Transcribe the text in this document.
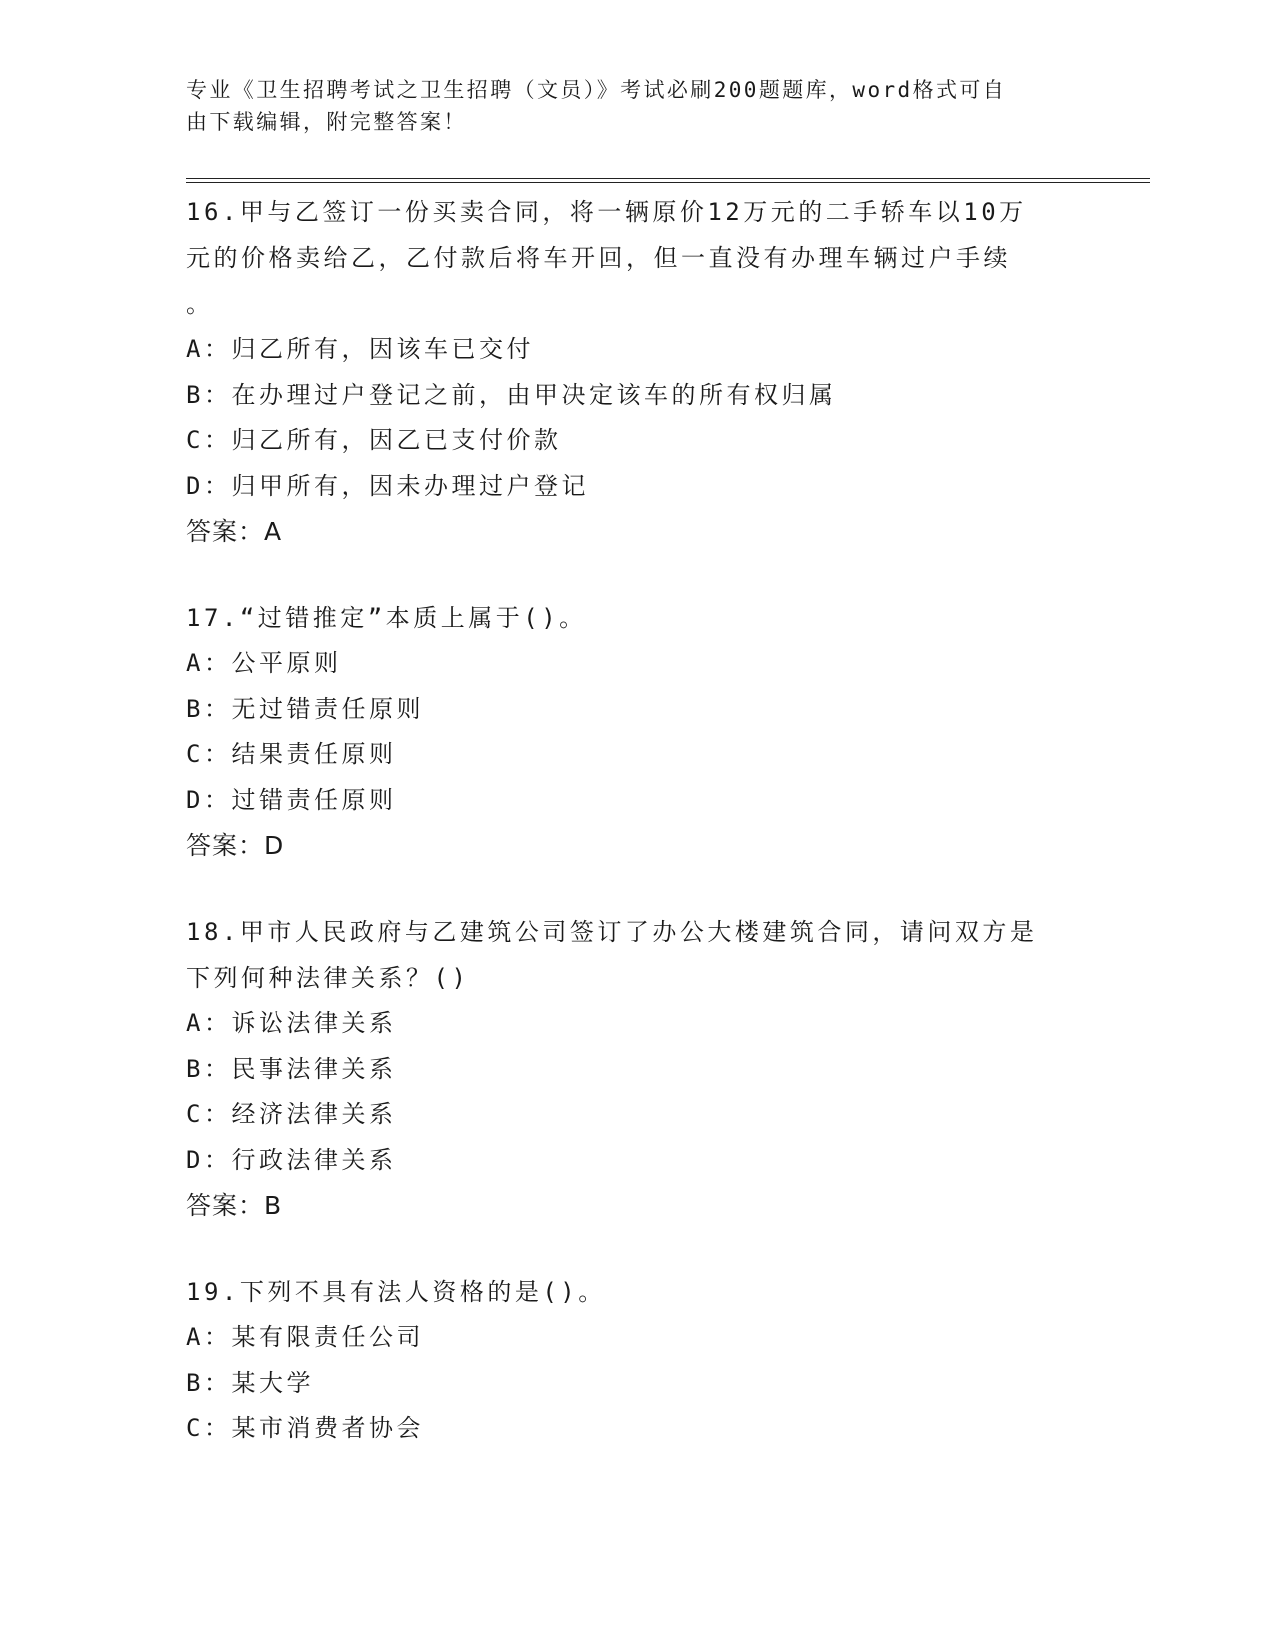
专业《卫生招聘考试之卫生招聘（文员）》考试必刷200题题库，word格式可自
由下载编辑，附完整答案！
16.甲与乙签订一份买卖合同，将一辆原价12万元的二手轿车以10万
元的价格卖给乙，乙付款后将车开回，但一直没有办理车辆过户手续
。
A：归乙所有，因该车已交付
B：在办理过户登记之前，由甲决定该车的所有权归属
C：归乙所有，因乙已支付价款
D：归甲所有，因未办理过户登记
答案：A
17.“过错推定”本质上属于()。
A：公平原则
B：无过错责任原则
C：结果责任原则
D：过错责任原则
答案：D
18.甲市人民政府与乙建筑公司签订了办公大楼建筑合同，请问双方是
下列何种法律关系？()
A：诉讼法律关系
B：民事法律关系
C：经济法律关系
D：行政法律关系
答案：B
19.下列不具有法人资格的是()。
A：某有限责任公司
B：某大学
C：某市消费者协会
